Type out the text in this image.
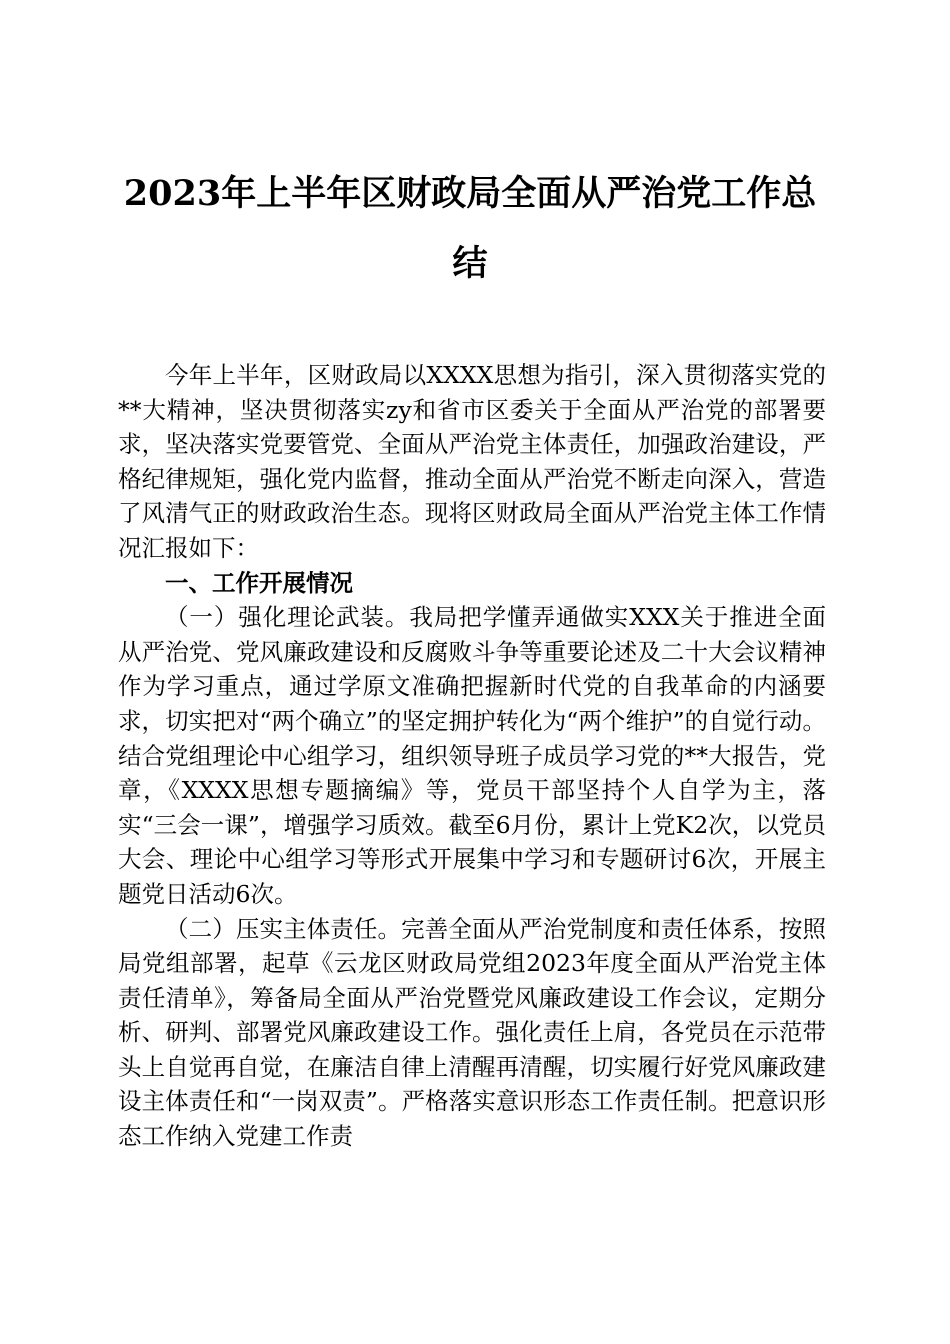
2023年上半年区财政局全面从严治党工作总
结

今年上半年，区财政局以XXXX思想为指引，深入贯彻落实党的**大精神，坚决贯彻落实zy和省市区委关于全面从严治党的部署要求，坚决落实党要管党、全面从严治党主体责任，加强政治建设，严格纪律规矩，强化党内监督，推动全面从严治党不断走向深入，营造了风清气正的财政政治生态。现将区财政局全面从严治党主体工作情况汇报如下：

一、工作开展情况

（一）强化理论武装。我局把学懂弄通做实XXX关于推进全面从严治党、党风廉政建设和反腐败斗争等重要论述及二十大会议精神作为学习重点，通过学原文准确把握新时代党的自我革命的内涵要求，切实把对“两个确立”的坚定拥护转化为“两个维护”的自觉行动。结合党组理论中心组学习，组织领导班子成员学习党的**大报告，党章，《XXXX思想专题摘编》等，党员干部坚持个人自学为主，落实“三会一课”，增强学习质效。截至6月份，累计上党K2次，以党员大会、理论中心组学习等形式开展集中学习和专题研讨6次，开展主题党日活动6次。

（二）压实主体责任。完善全面从严治党制度和责任体系，按照局党组部署，起草《云龙区财政局党组2023年度全面从严治党主体责任清单》，筹备局全面从严治党暨党风廉政建设工作会议，定期分析、研判、部署党风廉政建设工作。强化责任上肩，各党员在示范带头上自觉再自觉，在廉洁自律上清醒再清醒，切实履行好党风廉政建设主体责任和“一岗双责”。严格落实意识形态工作责任制。把意识形态工作纳入党建工作责
